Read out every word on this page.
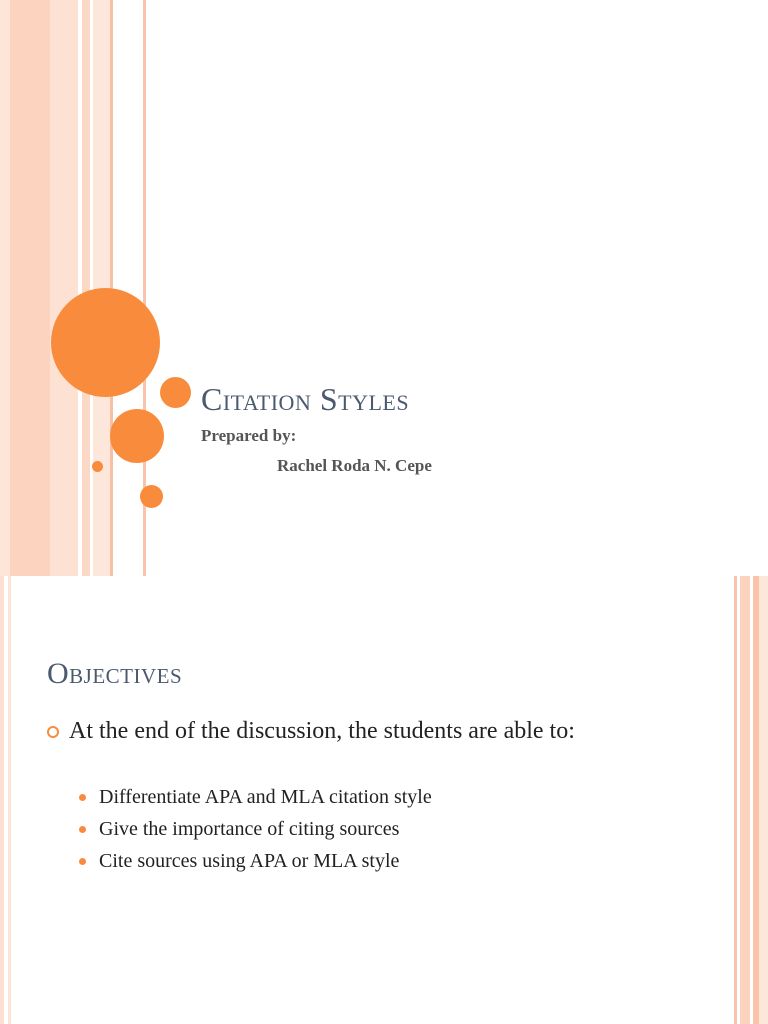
Citation Styles
Prepared by:
Rachel Roda N. Cepe
Objectives
At the end of the discussion, the students are able to:
Differentiate APA and MLA citation style
Give the importance of citing sources
Cite sources using APA or MLA style
